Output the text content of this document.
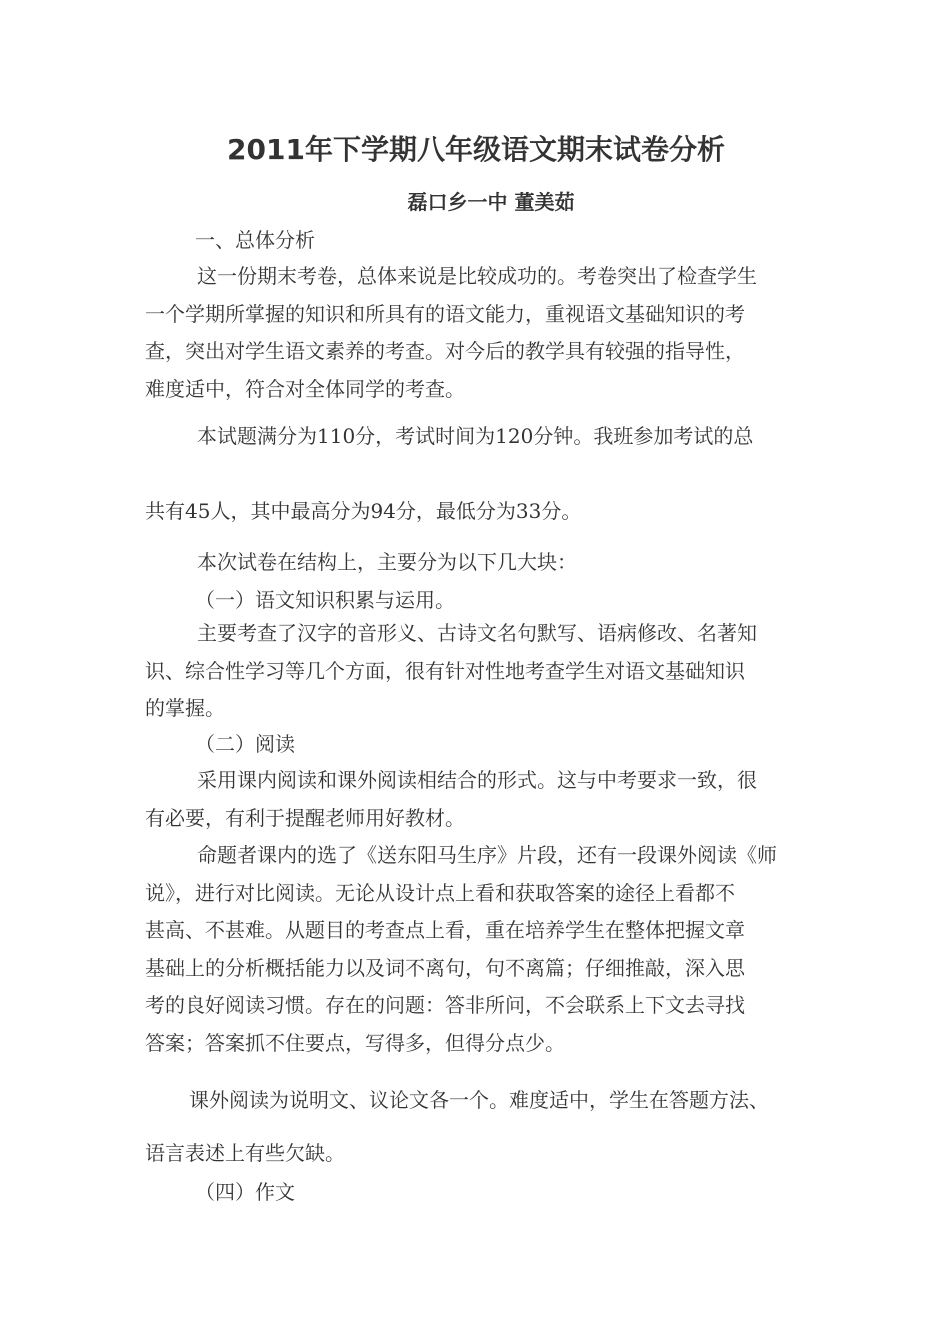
2011年下学期八年级语文期末试卷分析
磊口乡一中 董美茹
一、总体分析
这一份期末考卷，总体来说是比较成功的。考卷突出了检查学生
一个学期所掌握的知识和所具有的语文能力，重视语文基础知识的考
查，突出对学生语文素养的考查。对今后的教学具有较强的指导性，
难度适中，符合对全体同学的考查。
本试题满分为110分，考试时间为120分钟。我班参加考试的总
共有45人，其中最高分为94分，最低分为33分。
本次试卷在结构上，主要分为以下几大块：
（一）语文知识积累与运用。
主要考查了汉字的音形义、古诗文名句默写、语病修改、名著知
识、综合性学习等几个方面，很有针对性地考查学生对语文基础知识
的掌握。
（二）阅读
采用课内阅读和课外阅读相结合的形式。这与中考要求一致，很
有必要，有利于提醒老师用好教材。
命题者课内的选了《送东阳马生序》片段，还有一段课外阅读《师
说》，进行对比阅读。无论从设计点上看和获取答案的途径上看都不
甚高、不甚难。从题目的考查点上看，重在培养学生在整体把握文章
基础上的分析概括能力以及词不离句，句不离篇；仔细推敲，深入思
考的良好阅读习惯。存在的问题：答非所问，不会联系上下文去寻找
答案；答案抓不住要点，写得多，但得分点少。
课外阅读为说明文、议论文各一个。难度适中，学生在答题方法、
语言表述上有些欠缺。
（四）作文
